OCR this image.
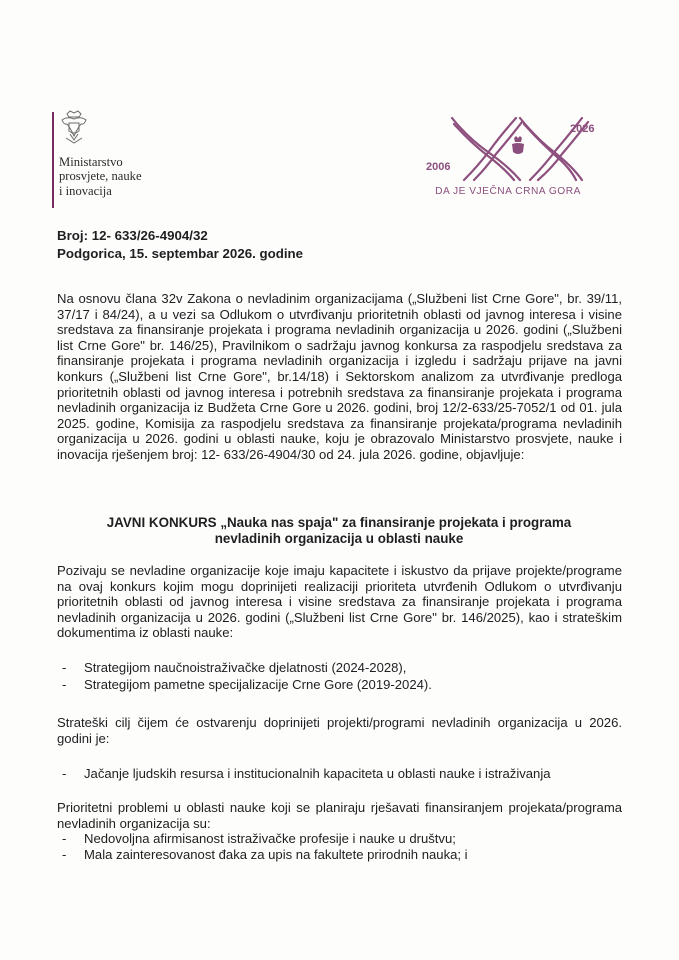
Ministarstvo
prosvjete, nauke
i inovacija
2006
2026
DA JE VJEČNA CRNA GORA
Broj: 12- 633/26-4904/32
Podgorica, 15. septembar 2026. godine
Na osnovu člana 32v Zakona o nevladinim organizacijama („Službeni list Crne Gore", br. 39/11, 37/17 i 84/24), a u vezi sa Odlukom o utvrđivanju prioritetnih oblasti od javnog interesa i visine sredstava za finansiranje projekata i programa nevladinih organizacija u 2026. godini („Službeni list Crne Gore" br. 146/25), Pravilnikom o sadržaju javnog konkursa za raspodjelu sredstava za finansiranje projekata i programa nevladinih organizacija i izgledu i sadržaju prijave na javni konkurs („Službeni list Crne Gore", br.14/18) i Sektorskom analizom za utvrđivanje predloga prioritetnih oblasti od javnog interesa i potrebnih sredstava za finansiranje projekata i programa nevladinih organizacija iz Budžeta Crne Gore u 2026. godini, broj 12/2-633/25-7052/1 od 01. jula 2025. godine, Komisija za raspodjelu sredstava za finansiranje projekata/programa nevladinih organizacija u 2026. godini u oblasti nauke, koju je obrazovalo Ministarstvo prosvjete, nauke i inovacija rješenjem broj: 12- 633/26-4904/30 od 24. jula 2026. godine, objavljuje:
JAVNI KONKURS „Nauka nas spaja" za finansiranje projekata i programa
nevladinih organizacija u oblasti nauke
Pozivaju se nevladine organizacije koje imaju kapacitete i iskustvo da prijave projekte/programe na ovaj konkurs kojim mogu doprinijeti realizaciji prioriteta utvrđenih Odlukom o utvrđivanju prioritetnih oblasti od javnog interesa i visine sredstava za finansiranje projekata i programa nevladinih organizacija u 2026. godini („Službeni list Crne Gore" br. 146/2025), kao i strateškim dokumentima iz oblasti nauke:
- Strategijom naučnoistraživačke djelatnosti (2024-2028),
- Strategijom pametne specijalizacije Crne Gore (2019-2024).
Strateški cilj čijem će ostvarenju doprinijeti projekti/programi nevladinih organizacija u 2026. godini je:
- Jačanje ljudskih resursa i institucionalnih kapaciteta u oblasti nauke i istraživanja
Prioritetni problemi u oblasti nauke koji se planiraju rješavati finansiranjem projekata/programa nevladinih organizacija su:
- Nedovoljna afirmisanost istraživačke profesije i nauke u društvu;
- Mala zainteresovanost đaka za upis na fakultete prirodnih nauka; i
